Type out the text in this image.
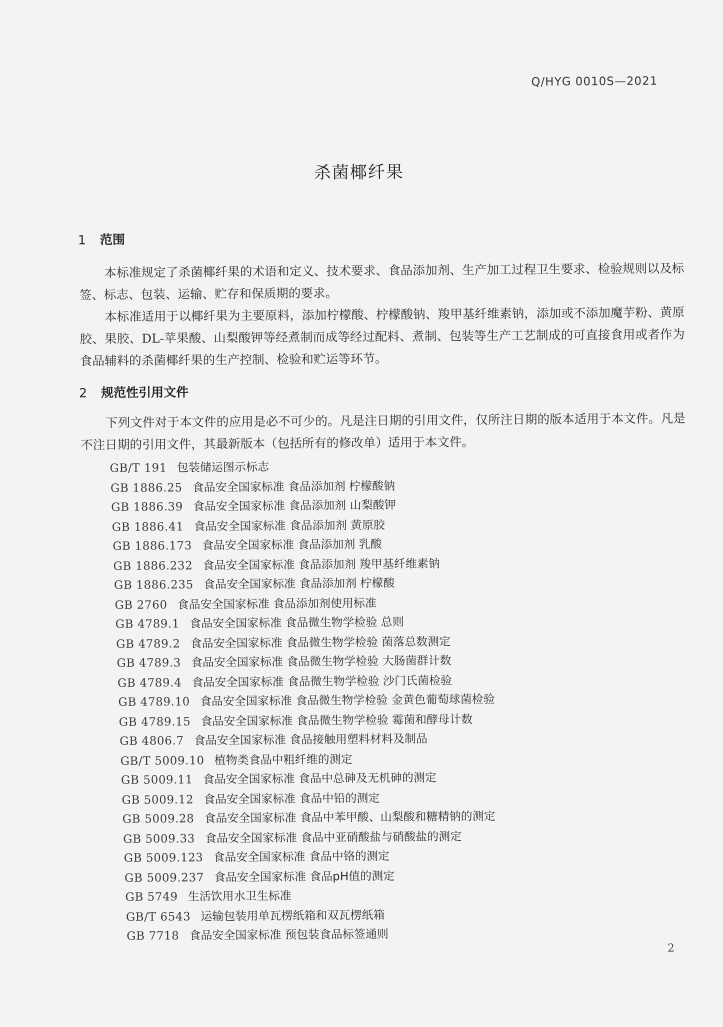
Q/HYG 0010S—2021
杀菌椰纤果
1 范围

本标准规定了杀菌椰纤果的术语和定义、技术要求、食品添加剂、生产加工过程卫生要求、检验规则以及标签、标志、包装、运输、贮存和保质期的要求。

本标准适用于以椰纤果为主要原料，添加柠檬酸、柠檬酸钠、羧甲基纤维素钠，添加或不添加魔芋粉、黄原胶、果胶、DL-苹果酸、山梨酸钾等经煮制而成等经过配料、煮制、包装等生产工艺制成的可直接食用或者作为食品辅料的杀菌椰纤果的生产控制、检验和贮运等环节。

2 规范性引用文件

下列文件对于本文件的应用是必不可少的。凡是注日期的引用文件，仅所注日期的版本适用于本文件。凡是不注日期的引用文件，其最新版本（包括所有的修改单）适用于本文件。

GB/T 191 包装储运图示标志
GB 1886.25 食品安全国家标准 食品添加剂 柠檬酸钠
GB 1886.39 食品安全国家标准 食品添加剂 山梨酸钾
GB 1886.41 食品安全国家标准 食品添加剂 黄原胶
GB 1886.173 食品安全国家标准 食品添加剂 乳酸
GB 1886.232 食品安全国家标准 食品添加剂 羧甲基纤维素钠
GB 1886.235 食品安全国家标准 食品添加剂 柠檬酸
GB 2760 食品安全国家标准 食品添加剂使用标准
GB 4789.1 食品安全国家标准 食品微生物学检验 总则
GB 4789.2 食品安全国家标准 食品微生物学检验 菌落总数测定
GB 4789.3 食品安全国家标准 食品微生物学检验 大肠菌群计数
GB 4789.4 食品安全国家标准 食品微生物学检验 沙门氏菌检验
GB 4789.10 食品安全国家标准 食品微生物学检验 金黄色葡萄球菌检验
GB 4789.15 食品安全国家标准 食品微生物学检验 霉菌和酵母计数
GB 4806.7 食品安全国家标准 食品接触用塑料材料及制品
GB/T 5009.10 植物类食品中粗纤维的测定
GB 5009.11 食品安全国家标准 食品中总砷及无机砷的测定
GB 5009.12 食品安全国家标准 食品中铅的测定
GB 5009.28 食品安全国家标准 食品中苯甲酸、山梨酸和糖精钠的测定
GB 5009.33 食品安全国家标准 食品中亚硝酸盐与硝酸盐的测定
GB 5009.123 食品安全国家标准 食品中铬的测定
GB 5009.237 食品安全国家标准 食品pH值的测定
GB 5749 生活饮用水卫生标准
GB/T 6543 运输包装用单瓦楞纸箱和双瓦楞纸箱
GB 7718 食品安全国家标准 预包装食品标签通则
2
